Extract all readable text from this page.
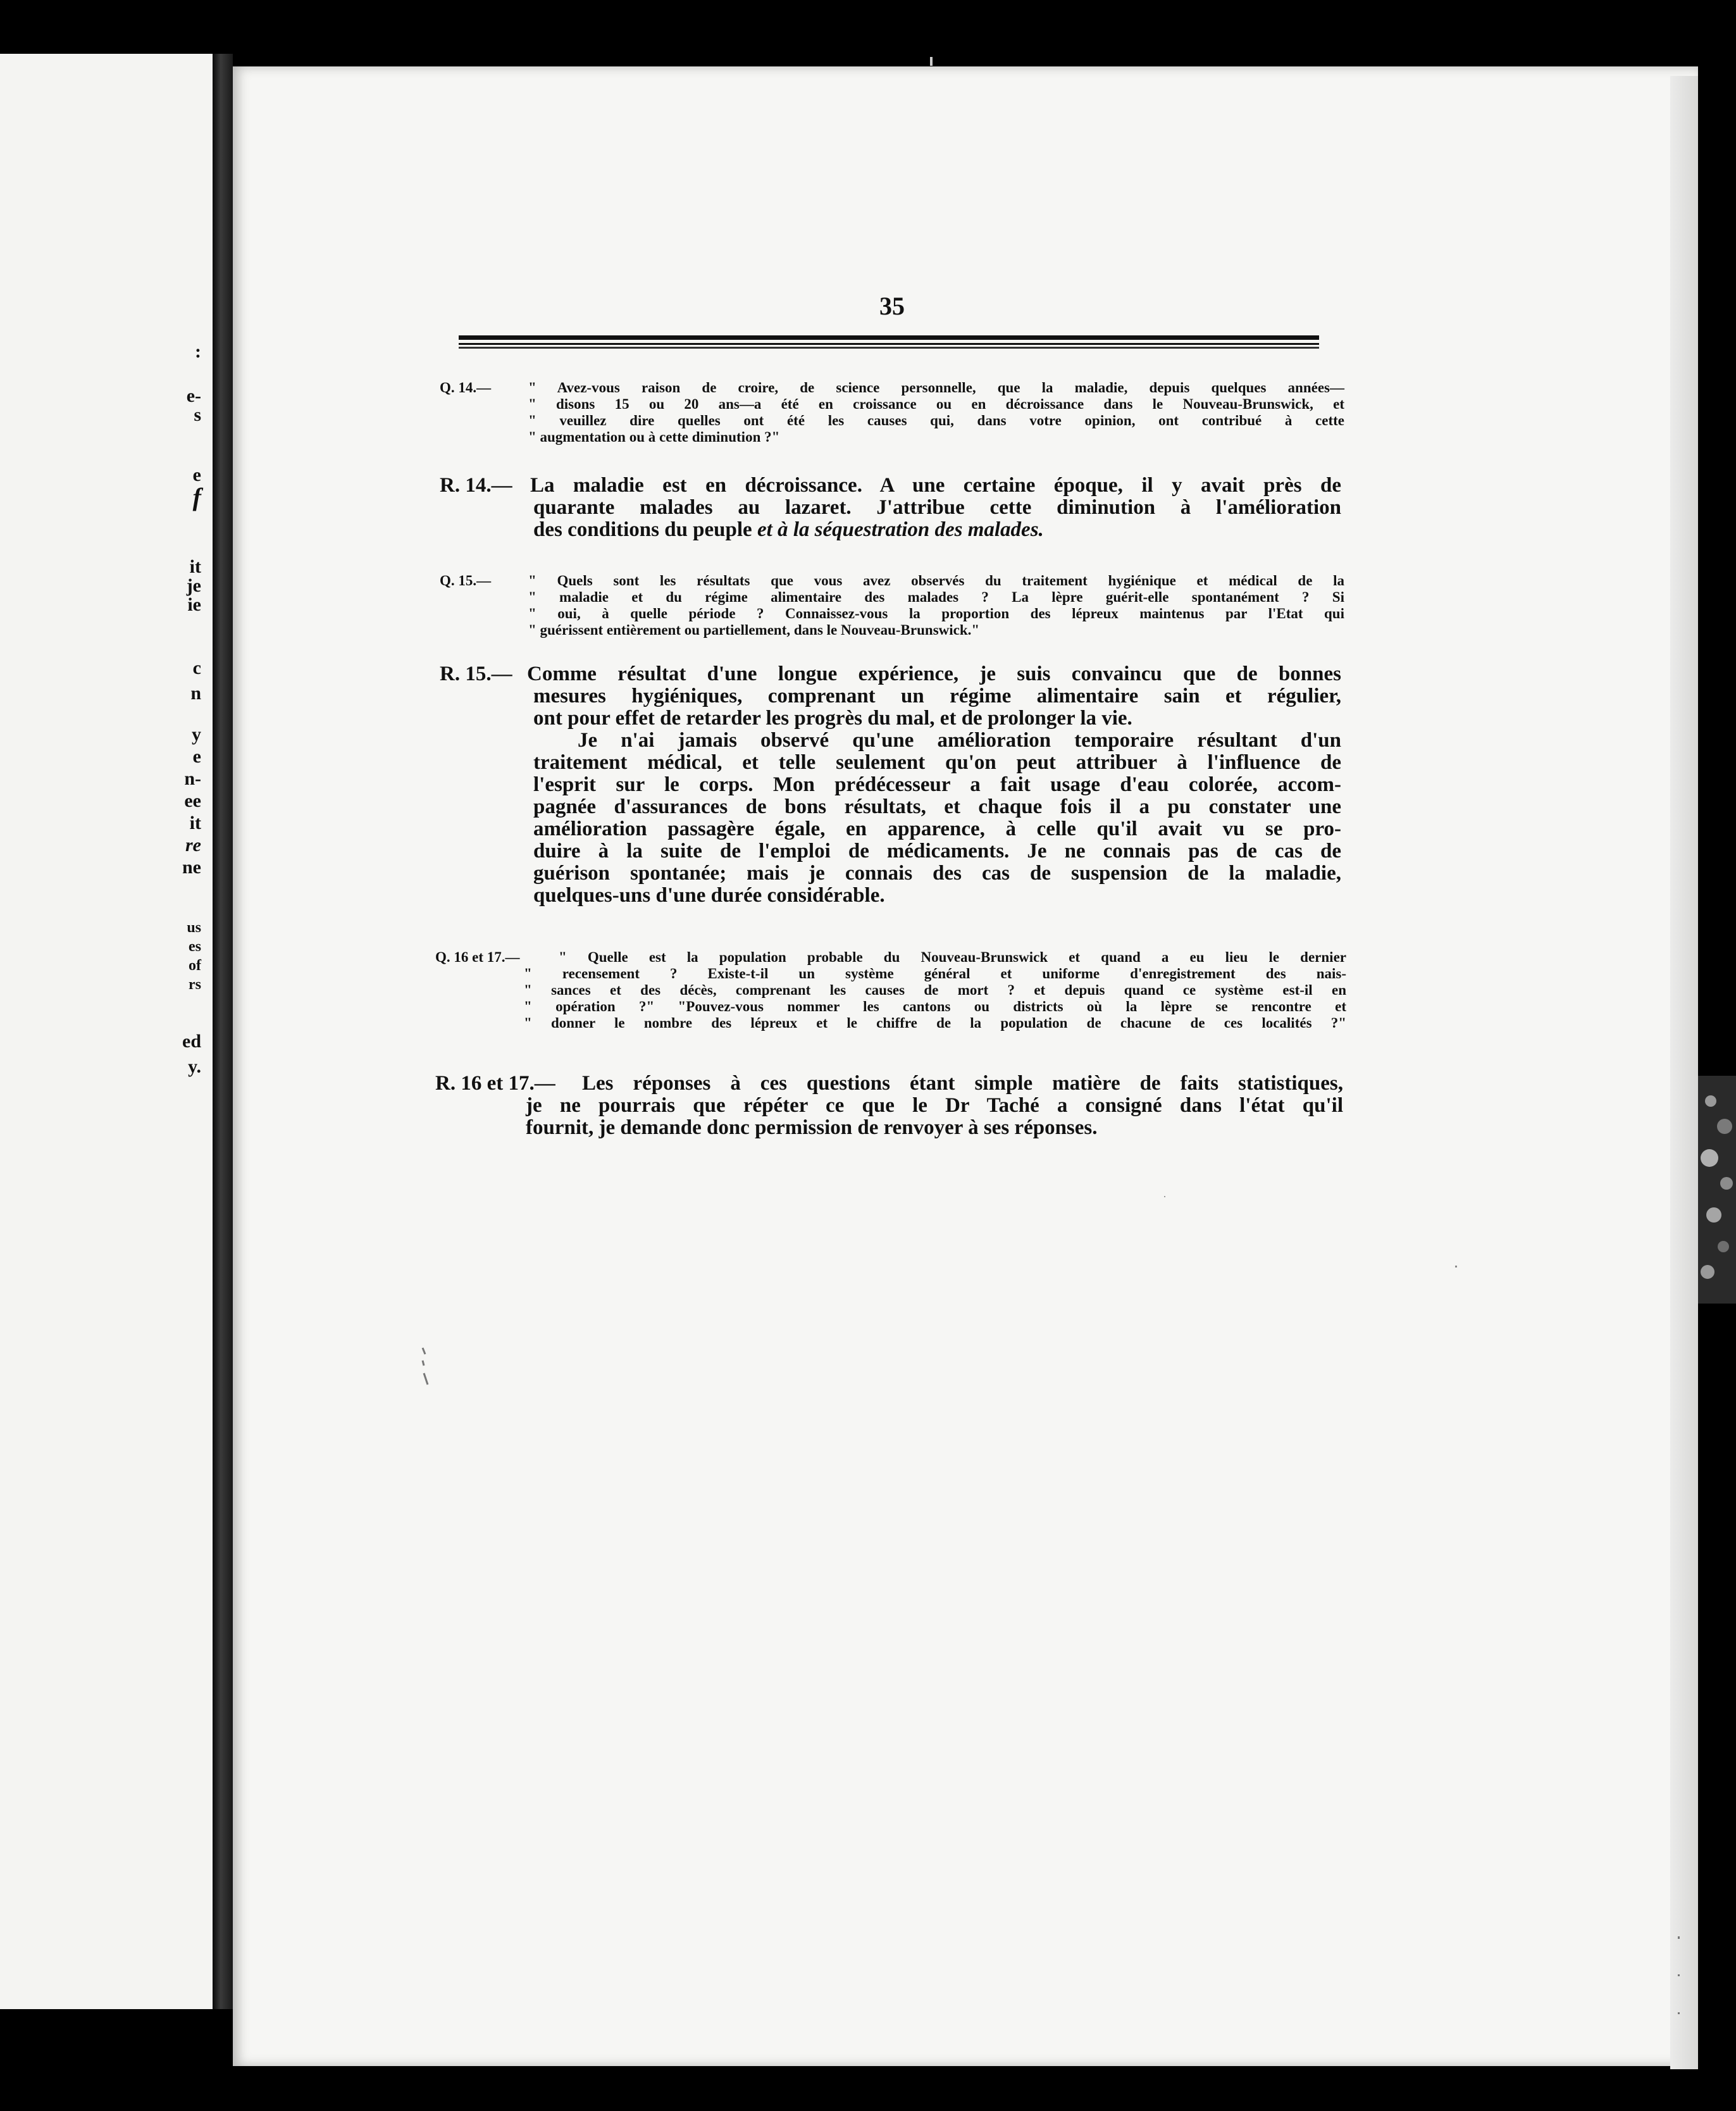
:
e-
s
e
f
it
je
ie
c
n
y
e
n-
ee
it
re
ne
us
es
of
rs
ed
y.
35
Q. 14.—	" Avez-vous raison de croire, de science personnelle, que la maladie, depuis quelques années—
" disons 15 ou 20 ans—a été en croissance ou en décroissance dans le Nouveau-Brunswick, et
" veuillez dire quelles ont été les causes qui, dans votre opinion, ont contribué à cette
" augmentation ou à cette diminution ?"
R. 14.— La maladie est en décroissance. A une certaine époque, il y avait près de
quarante malades au lazaret. J'attribue cette diminution à l'amélioration
des conditions du peuple et à la séquestration des malades.
Q. 15.—	" Quels sont les résultats que vous avez observés du traitement hygiénique et médical de la
" maladie et du régime alimentaire des malades ? La lèpre guérit-elle spontanément ? Si
" oui, à quelle période ? Connaissez-vous la proportion des lépreux maintenus par l'Etat qui
" guérissent entièrement ou partiellement, dans le Nouveau-Brunswick."
R. 15.— Comme résultat d'une longue expérience, je suis convaincu que de bonnes
mesures hygiéniques, comprenant un régime alimentaire sain et régulier,
ont pour effet de retarder les progrès du mal, et de prolonger la vie.
Je n'ai jamais observé qu'une amélioration temporaire résultant d'un
traitement médical, et telle seulement qu'on peut attribuer à l'influence de
l'esprit sur le corps. Mon prédécesseur a fait usage d'eau colorée, accom-
pagnée d'assurances de bons résultats, et chaque fois il a pu constater une
amélioration passagère égale, en apparence, à celle qu'il avait vu se pro-
duire à la suite de l'emploi de médicaments. Je ne connais pas de cas de
guérison spontanée; mais je connais des cas de suspension de la maladie,
quelques-uns d'une durée considérable.
Q. 16 et 17.—	" Quelle est la population probable du Nouveau-Brunswick et quand a eu lieu le dernier
" recensement ? Existe-t-il un système général et uniforme d'enregistrement des nais-
" sances et des décès, comprenant les causes de mort ? et depuis quand ce système est-il en
" opération ?" "Pouvez-vous nommer les cantons ou districts où la lèpre se rencontre et
" donner le nombre des lépreux et le chiffre de la population de chacune de ces localités ?"
R. 16 et 17.— Les réponses à ces questions étant simple matière de faits statistiques,
je ne pourrais que répéter ce que le Dr Taché a consigné dans l'état qu'il
fournit, je demande donc permission de renvoyer à ses réponses.
